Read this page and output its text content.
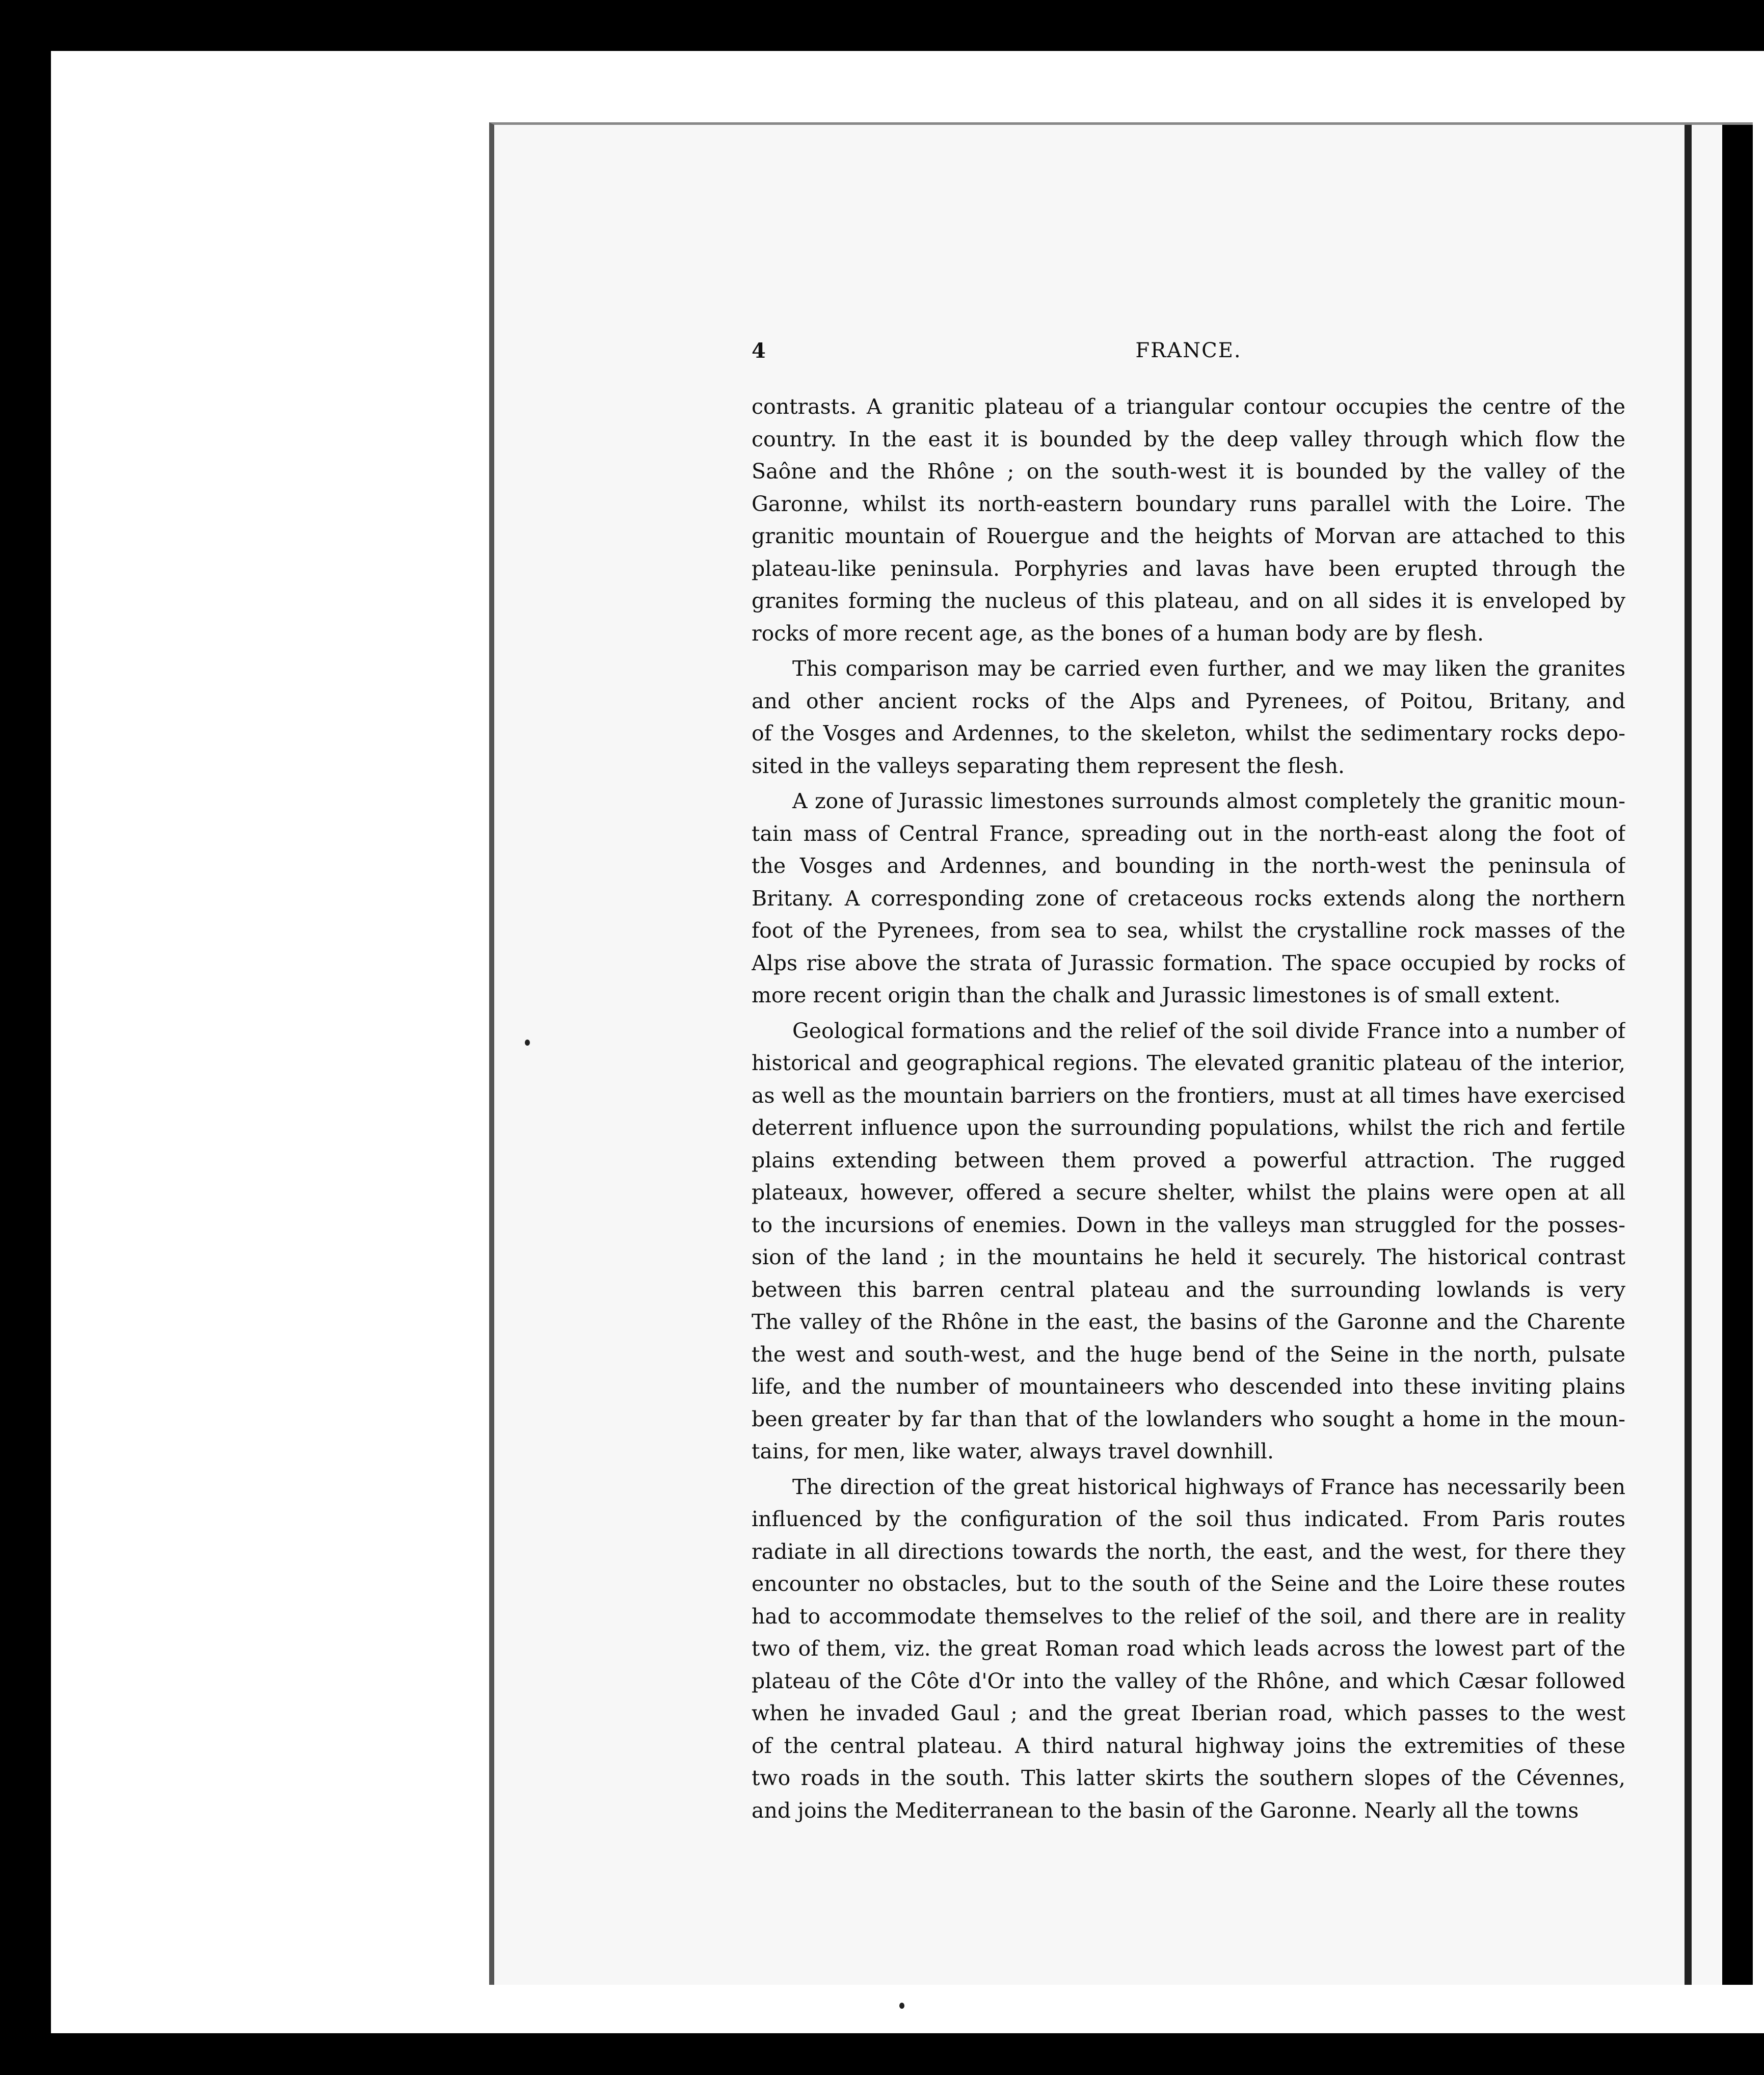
4	FRANCE.
contrasts. A granitic plateau of a triangular contour occupies the centre of the
country. In the east it is bounded by the deep valley through which flow the
Saône and the Rhône ; on the south-west it is bounded by the valley of the
Garonne, whilst its north-eastern boundary runs parallel with the Loire. The
granitic mountain of Rouergue and the heights of Morvan are attached to this
plateau-like peninsula. Porphyries and lavas have been erupted through the
granites forming the nucleus of this plateau, and on all sides it is enveloped by
rocks of more recent age, as the bones of a human body are by flesh.
This comparison may be carried even further, and we may liken the granites
and other ancient rocks of the Alps and Pyrenees, of Poitou, Britany, and
of the Vosges and Ardennes, to the skeleton, whilst the sedimentary rocks depo-
sited in the valleys separating them represent the flesh.
A zone of Jurassic limestones surrounds almost completely the granitic moun-
tain mass of Central France, spreading out in the north-east along the foot of
the Vosges and Ardennes, and bounding in the north-west the peninsula of
Britany. A corresponding zone of cretaceous rocks extends along the northern
foot of the Pyrenees, from sea to sea, whilst the crystalline rock masses of the
Alps rise above the strata of Jurassic formation. The space occupied by rocks of
more recent origin than the chalk and Jurassic limestones is of small extent.
Geological formations and the relief of the soil divide France into a number of
historical and geographical regions. The elevated granitic plateau of the interior,
as well as the mountain barriers on the frontiers, must at all times have exercised
deterrent influence upon the surrounding populations, whilst the rich and fertile
plains extending between them proved a powerful attraction. The rugged
plateaux, however, offered a secure shelter, whilst the plains were open at all
to the incursions of enemies. Down in the valleys man struggled for the posses-
sion of the land ; in the mountains he held it securely. The historical contrast
between this barren central plateau and the surrounding lowlands is very
The valley of the Rhône in the east, the basins of the Garonne and the Charente
the west and south-west, and the huge bend of the Seine in the north, pulsate
life, and the number of mountaineers who descended into these inviting plains
been greater by far than that of the lowlanders who sought a home in the moun-
tains, for men, like water, always travel downhill.
The direction of the great historical highways of France has necessarily been
influenced by the configuration of the soil thus indicated. From Paris routes
radiate in all directions towards the north, the east, and the west, for there they
encounter no obstacles, but to the south of the Seine and the Loire these routes
had to accommodate themselves to the relief of the soil, and there are in reality
two of them, viz. the great Roman road which leads across the lowest part of the
plateau of the Côte d'Or into the valley of the Rhône, and which Cæsar followed
when he invaded Gaul ; and the great Iberian road, which passes to the west
of the central plateau. A third natural highway joins the extremities of these
two roads in the south. This latter skirts the southern slopes of the Cévennes,
and joins the Mediterranean to the basin of the Garonne. Nearly all the towns
